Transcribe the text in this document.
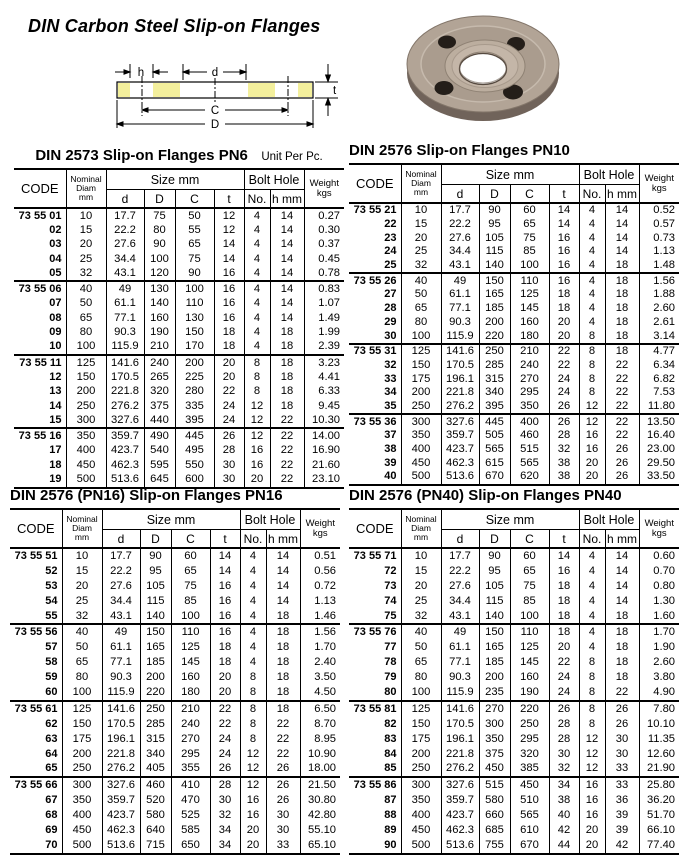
DIN Carbon Steel Slip-on Flanges
h	d
t
C
D
DIN 2573 Slip-on Flanges PN6 Unit Per Pc.
CODE	Nominal
Diam
mm	Size mm				Bolt Hole		Weight
kgs
		d	D	C	t	No.	h mm	
73 55 01	10	17.7	75	50	12	4	14	0.27
02	15	22.2	80	55	12	4	14	0.30
03	20	27.6	90	65	14	4	14	0.37
04	25	34.4	100	75	14	4	14	0.45
05	32	43.1	120	90	16	4	14	0.78
73 55 06	40	49	130	100	16	4	14	0.83
07	50	61.1	140	110	16	4	14	1.07
08	65	77.1	160	130	16	4	14	1.49
09	80	90.3	190	150	18	4	18	1.99
10	100	115.9	210	170	18	4	18	2.39
73 55 11	125	141.6	240	200	20	8	18	3.23
12	150	170.5	265	225	20	8	18	4.41
13	200	221.8	320	280	22	8	18	6.33
14	250	276.2	375	335	24	12	18	9.45
15	300	327.6	440	395	24	12	22	10.30
73 55 16	350	359.7	490	445	26	12	22	14.00
17	400	423.7	540	495	28	16	22	16.90
18	450	462.3	595	550	30	16	22	21.60
19	500	513.6	645	600	30	20	22	23.10
DIN 2576 Slip-on Flanges PN10
CODE	Nominal
Diam
mm	Size mm				Bolt Hole		Weight
kgs
		d	D	C	t	No.	h mm	
73 55 21	10	17.7	90	60	14	4	14	0.52
22	15	22.2	95	65	14	4	14	0.57
23	20	27.6	105	75	16	4	14	0.73
24	25	34.4	115	85	16	4	14	1.13
25	32	43.1	140	100	16	4	18	1.48
73 55 26	40	49	150	110	16	4	18	1.56
27	50	61.1	165	125	18	4	18	1.88
28	65	77.1	185	145	18	4	18	2.60
29	80	90.3	200	160	20	4	18	2.61
30	100	115.9	220	180	20	8	18	3.14
73 55 31	125	141.6	250	210	22	8	18	4.77
32	150	170.5	285	240	22	8	22	6.34
33	175	196.1	315	270	24	8	22	6.82
34	200	221.8	340	295	24	8	22	7.53
35	250	276.2	395	350	26	12	22	11.80
73 55 36	300	327.6	445	400	26	12	22	13.50
37	350	359.7	505	460	28	16	22	16.40
38	400	423.7	565	515	32	16	26	23.00
39	450	462.3	615	565	38	20	26	29.50
40	500	513.6	670	620	38	20	26	33.50
DIN 2576 (PN16) Slip-on Flanges PN16
CODE	Nominal
Diam
mm	Size mm				Bolt Hole		Weight
kgs
		d	D	C	t	No.	h mm	
73 55 51	10	17.7	90	60	14	4	14	0.51
52	15	22.2	95	65	14	4	14	0.56
53	20	27.6	105	75	16	4	14	0.72
54	25	34.4	115	85	16	4	14	1.13
55	32	43.1	140	100	16	4	18	1.46
73 55 56	40	49	150	110	16	4	18	1.56
57	50	61.1	165	125	18	4	18	1.70
58	65	77.1	185	145	18	4	18	2.40
59	80	90.3	200	160	20	8	18	3.50
60	100	115.9	220	180	20	8	18	4.50
73 55 61	125	141.6	250	210	22	8	18	6.50
62	150	170.5	285	240	22	8	22	8.70
63	175	196.1	315	270	24	8	22	8.95
64	200	221.8	340	295	24	12	22	10.90
65	250	276.2	405	355	26	12	26	18.00
73 55 66	300	327.6	460	410	28	12	26	21.50
67	350	359.7	520	470	30	16	26	30.80
68	400	423.7	580	525	32	16	30	42.80
69	450	462.3	640	585	34	20	30	55.10
70	500	513.6	715	650	34	20	33	65.10
DIN 2576 (PN40) Slip-on Flanges PN40
CODE	Nominal
Diam
mm	Size mm				Bolt Hole		Weight
kgs
		d	D	C	t	No.	h mm	
73 55 71	10	17.7	90	60	14	4	14	0.60
72	15	22.2	95	65	16	4	14	0.70
73	20	27.6	105	75	18	4	14	0.80
74	25	34.4	115	85	18	4	14	1.30
75	32	43.1	140	100	18	4	18	1.60
73 55 76	40	49	150	110	18	4	18	1.70
77	50	61.1	165	125	20	4	18	1.90
78	65	77.1	185	145	22	8	18	2.60
79	80	90.3	200	160	24	8	18	3.80
80	100	115.9	235	190	24	8	22	4.90
73 55 81	125	141.6	270	220	26	8	26	7.80
82	150	170.5	300	250	28	8	26	10.10
83	175	196.1	350	295	28	12	30	11.35
84	200	221.8	375	320	30	12	30	12.60
85	250	276.2	450	385	32	12	33	21.90
73 55 86	300	327.6	515	450	34	16	33	25.80
87	350	359.7	580	510	38	16	36	36.20
88	400	423.7	660	565	40	16	39	51.70
89	450	462.3	685	610	42	20	39	66.10
90	500	513.6	755	670	44	20	42	77.40
